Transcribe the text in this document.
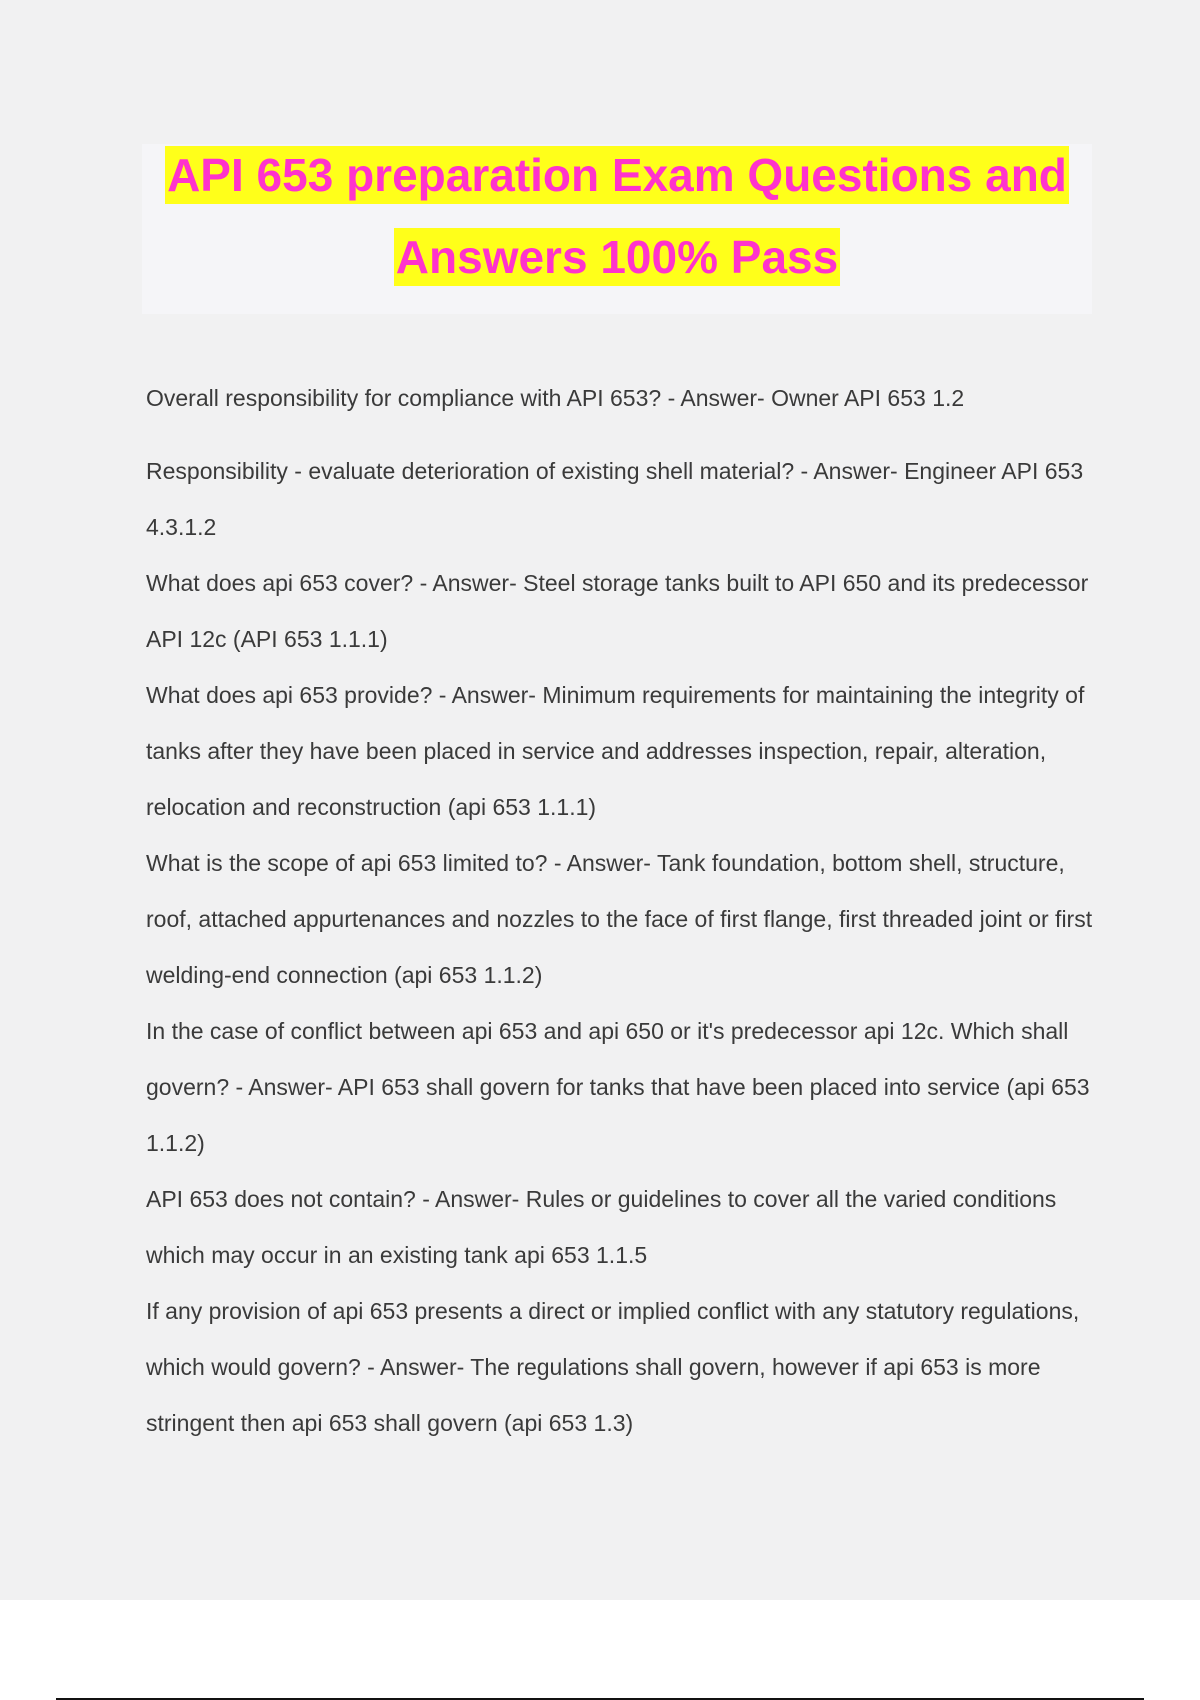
API 653 preparation Exam Questions and
Answers 100% Pass
Overall responsibility for compliance with API 653? - Answer- Owner API 653 1.2
Responsibility - evaluate deterioration of existing shell material? - Answer- Engineer API 653 4.3.1.2
What does api 653 cover? - Answer- Steel storage tanks built to API 650 and its predecessor API 12c (API 653 1.1.1)
What does api 653 provide? - Answer- Minimum requirements for maintaining the integrity of tanks after they have been placed in service and addresses inspection, repair, alteration, relocation and reconstruction (api 653 1.1.1)
What is the scope of api 653 limited to? - Answer- Tank foundation, bottom shell, structure, roof, attached appurtenances and nozzles to the face of first flange, first threaded joint or first welding-end connection (api 653 1.1.2)
In the case of conflict between api 653 and api 650 or it's predecessor api 12c. Which shall govern? - Answer- API 653 shall govern for tanks that have been placed into service (api 653 1.1.2)
API 653 does not contain? - Answer- Rules or guidelines to cover all the varied conditions which may occur in an existing tank api 653 1.1.5
If any provision of api 653 presents a direct or implied conflict with any statutory regulations, which would govern? - Answer- The regulations shall govern, however if api 653 is more stringent then api 653 shall govern (api 653 1.3)
